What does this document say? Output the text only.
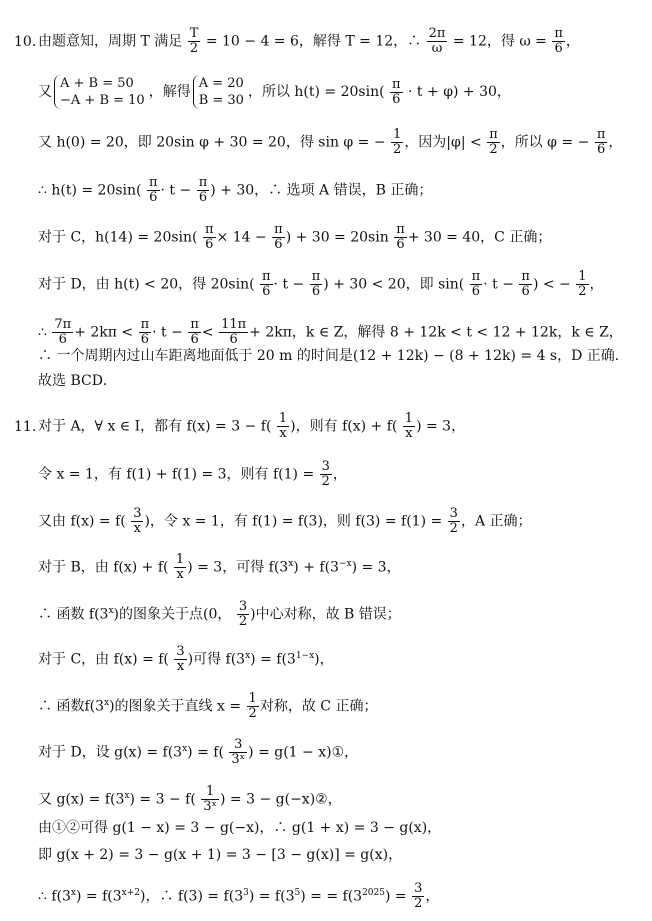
10. 由题意知，周期 T 满足 $\frac{T}{2} = 10 - 4 = 6$，解得 T = 12，∴ $\frac{2\pi}{\omega} = 12$，得 $\omega = \frac{\pi}{6}$ ，
又
A + B = 50
−A + B = 10
，解得
A = 20
B = 30
，所以 $h(t) = 20\sin( \frac{\pi}{6} \cdot t + \varphi) + 30$，
又 h(0) = 20，即 20sin φ + 30 = 20，得 sin φ = − $\frac{1}{2}$ ，因为$|\varphi| < \frac{\pi}{2}$ ，所以 φ = − $\frac{\pi}{6}$ ，
∴ $h(t) = 20\sin( \frac{\pi}{6} \cdot t - \frac{\pi}{6}$ ) + 30，∴ 选项 A 错误，B 正确；
对于 C，$h(14) = 20\sin( \frac{\pi}{6} \times 14 - \frac{\pi}{6}$ ) + $30 = 20\sin \frac{\pi}{6} + 30 = 40$，C 正确；
对于 D，由 h(t) < 20，得 $20\sin( \frac{\pi}{6} \cdot t - \frac{\pi}{6}$ ) + 30 < 20，即 $\sin( \frac{\pi}{6} \cdot t - \frac{\pi}{6}$ ) < − $\frac{1}{2}$ ，
∴ $\frac{7\pi}{6} + 2k\pi < \frac{\pi}{6} \cdot t - \frac{\pi}{6} < \frac{11\pi}{6} + 2k\pi$，k ∈ Z，解得 8 + 12k < t < 12 + 12k，k ∈ Z，
∴ 一个周期内过山车距离地面低于 20 m 的时间是(12 + 12k) − (8 + 12k) = 4 s，D 正确．
故选 BCD．
11. 对于 A，∀ x ∈ I，都有 $f(x) = 3 - f( \frac{1}{x}$ )，则有 $f(x) + f( \frac{1}{x}$ ) = 3，
令 x = 1，有 f(1) + f(1) = 3，则有 $f(1) = \frac{3}{2}$ ，
又由 $f(x) = f( \frac{3}{x}$ )，令 x = 1，有 f(1) = f(3)，则 $f(3) = f(1) = \frac{3}{2}$ ，A 正确；
对于 B，由 $f(x) + f( \frac{1}{x}$ ) = 3，可得 $f(3^x) + f(3^{-x}) = 3$，
∴ 函数 f(3$^x$)的图象关于点(0， $\frac{3}{2}$ )中心对称，故 B 错误；
对于 C，由 $f(x) = f( \frac{3}{x}$ )可得 $f(3^x) = f(3^{1-x})$，
∴ 函数f(3$^x$)的图象关于直线 $x = \frac{1}{2}$ 对称，故 C 正确；
对于 D，设 $g(x) = f(3^x) = f( \frac{3}{\text{3ˣ}}$ ) = g(1 − x)①，
又 $g(x) = f(3^x) = 3 - f( \frac{1}{\text{3ˣ}}$ ) = 3 − g(−x)②，
由①②可得 g(1 − x) = 3 − g(−x)，∴ g(1 + x) = 3 − g(x)，
即 g(x + 2) = 3 − g(x + 1) = 3 − [3 − g(x)] = g(x)，
∴ $f(3^x) = f(3^{x+2})$，∴ $f(3) = f(3^3) = f(3^5)$ = = $f(3^{2025}) = \frac{3}{2}$ ，
